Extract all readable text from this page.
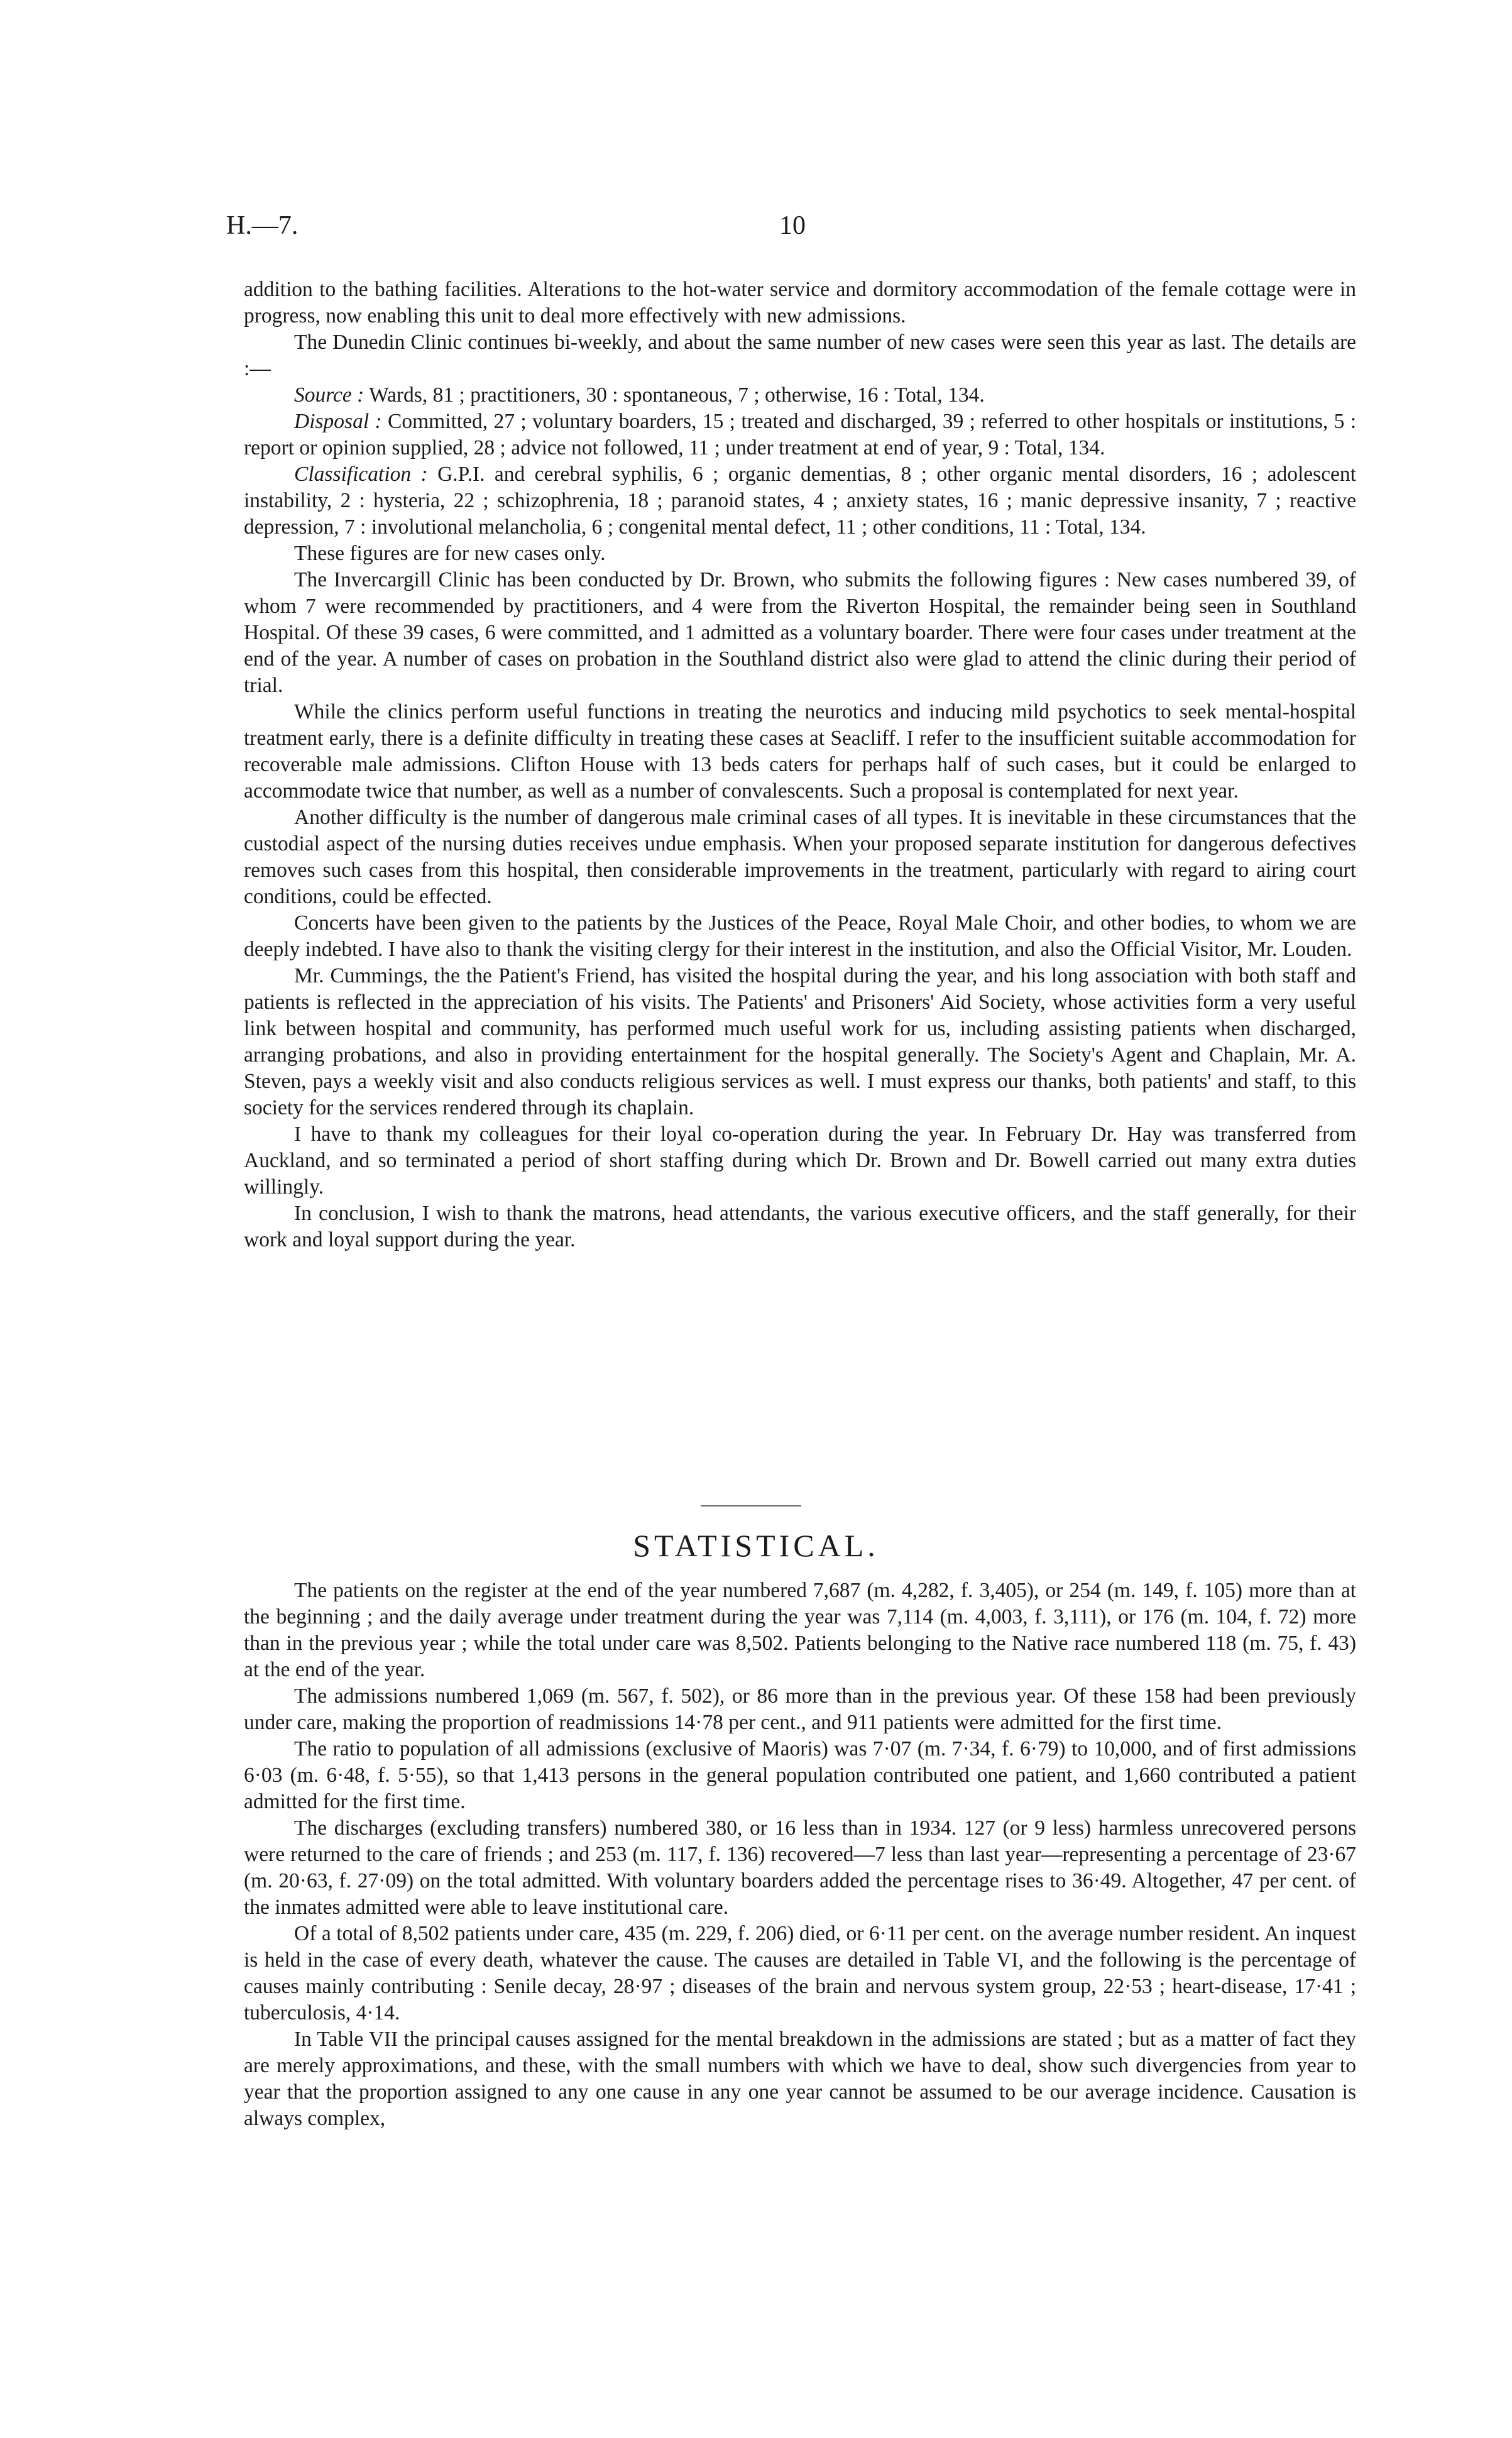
H.—7.	10

addition to the bathing facilities. Alterations to the hot-water service and dormitory accommodation of the female cottage were in progress, now enabling this unit to deal more effectively with new admissions.

The Dunedin Clinic continues bi-weekly, and about the same number of new cases were seen this year as last. The details are :—

Source : Wards, 81 ; practitioners, 30 : spontaneous, 7 ; otherwise, 16 : Total, 134.

Disposal : Committed, 27 ; voluntary boarders, 15 ; treated and discharged, 39 ; referred to other hospitals or institutions, 5 : report or opinion supplied, 28 ; advice not followed, 11 ; under treatment at end of year, 9 : Total, 134.

Classification : G.P.I. and cerebral syphilis, 6 ; organic dementias, 8 ; other organic mental disorders, 16 ; adolescent instability, 2 : hysteria, 22 ; schizophrenia, 18 ; paranoid states, 4 ; anxiety states, 16 ; manic depressive insanity, 7 ; reactive depression, 7 : involutional melancholia, 6 ; congenital mental defect, 11 ; other conditions, 11 : Total, 134.

These figures are for new cases only.

The Invercargill Clinic has been conducted by Dr. Brown, who submits the following figures : New cases numbered 39, of whom 7 were recommended by practitioners, and 4 were from the Riverton Hospital, the remainder being seen in Southland Hospital. Of these 39 cases, 6 were committed, and 1 admitted as a voluntary boarder. There were four cases under treatment at the end of the year. A number of cases on probation in the Southland district also were glad to attend the clinic during their period of trial.

While the clinics perform useful functions in treating the neurotics and inducing mild psychotics to seek mental-hospital treatment early, there is a definite difficulty in treating these cases at Seacliff. I refer to the insufficient suitable accommodation for recoverable male admissions. Clifton House with 13 beds caters for perhaps half of such cases, but it could be enlarged to accommodate twice that number, as well as a number of convalescents. Such a proposal is contemplated for next year.

Another difficulty is the number of dangerous male criminal cases of all types. It is inevitable in these circumstances that the custodial aspect of the nursing duties receives undue emphasis. When your proposed separate institution for dangerous defectives removes such cases from this hospital, then considerable improvements in the treatment, particularly with regard to airing court conditions, could be effected.

Concerts have been given to the patients by the Justices of the Peace, Royal Male Choir, and other bodies, to whom we are deeply indebted. I have also to thank the visiting clergy for their interest in the institution, and also the Official Visitor, Mr. Louden.

Mr. Cummings, the the Patient's Friend, has visited the hospital during the year, and his long association with both staff and patients is reflected in the appreciation of his visits. The Patients' and Prisoners' Aid Society, whose activities form a very useful link between hospital and community, has performed much useful work for us, including assisting patients when discharged, arranging probations, and also in providing entertainment for the hospital generally. The Society's Agent and Chaplain, Mr. A. Steven, pays a weekly visit and also conducts religious services as well. I must express our thanks, both patients' and staff, to this society for the services rendered through its chaplain.

I have to thank my colleagues for their loyal co-operation during the year. In February Dr. Hay was transferred from Auckland, and so terminated a period of short staffing during which Dr. Brown and Dr. Bowell carried out many extra duties willingly.

In conclusion, I wish to thank the matrons, head attendants, the various executive officers, and the staff generally, for their work and loyal support during the year.

STATISTICAL.

The patients on the register at the end of the year numbered 7,687 (m. 4,282, f. 3,405), or 254 (m. 149, f. 105) more than at the beginning ; and the daily average under treatment during the year was 7,114 (m. 4,003, f. 3,111), or 176 (m. 104, f. 72) more than in the previous year ; while the total under care was 8,502. Patients belonging to the Native race numbered 118 (m. 75, f. 43) at the end of the year.

The admissions numbered 1,069 (m. 567, f. 502), or 86 more than in the previous year. Of these 158 had been previously under care, making the proportion of readmissions 14·78 per cent., and 911 patients were admitted for the first time.

The ratio to population of all admissions (exclusive of Maoris) was 7·07 (m. 7·34, f. 6·79) to 10,000, and of first admissions 6·03 (m. 6·48, f. 5·55), so that 1,413 persons in the general population contributed one patient, and 1,660 contributed a patient admitted for the first time.

The discharges (excluding transfers) numbered 380, or 16 less than in 1934. 127 (or 9 less) harmless unrecovered persons were returned to the care of friends ; and 253 (m. 117, f. 136) recovered—7 less than last year—representing a percentage of 23·67 (m. 20·63, f. 27·09) on the total admitted. With voluntary boarders added the percentage rises to 36·49. Altogether, 47 per cent. of the inmates admitted were able to leave institutional care.

Of a total of 8,502 patients under care, 435 (m. 229, f. 206) died, or 6·11 per cent. on the average number resident. An inquest is held in the case of every death, whatever the cause. The causes are detailed in Table VI, and the following is the percentage of causes mainly contributing : Senile decay, 28·97 ; diseases of the brain and nervous system group, 22·53 ; heart-disease, 17·41 ; tuberculosis, 4·14.

In Table VII the principal causes assigned for the mental breakdown in the admissions are stated ; but as a matter of fact they are merely approximations, and these, with the small numbers with which we have to deal, show such divergencies from year to year that the proportion assigned to any one cause in any one year cannot be assumed to be our average incidence. Causation is always complex,
